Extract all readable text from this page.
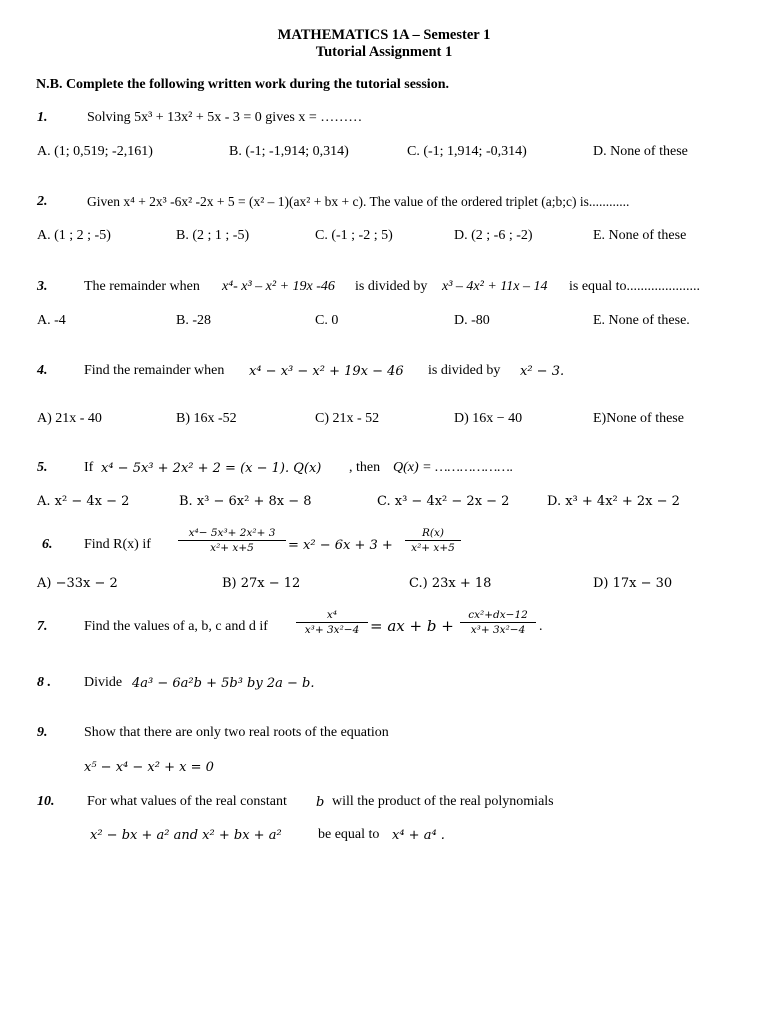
MATHEMATICS 1A – Semester 1
Tutorial Assignment 1
N.B. Complete the following written work during the tutorial session.
1.	Solving 5x³ + 13x² + 5x - 3 = 0 gives x = ………
A. (1; 0,519; -2,161)	B. (-1; -1,914; 0,314)	C. (-1; 1,914; -0,314)	D. None of these
2.	Given x⁴ + 2x³ -6x² -2x + 5 = (x² – 1)(ax² + bx + c). The value of the ordered triplet (a;b;c) is............
A. (1 ; 2 ; -5)	B. (2 ; 1 ; -5)	C. (-1 ; -2 ; 5)	D. (2 ; -6 ; -2)	E. None of these
3.	The remainder when x⁴- x³ – x² + 19x -46 is divided by x³ – 4x² + 11x – 14 is equal to.....................
A. -4	B. -28	C. 0	D. -80	E. None of these.
4.	Find the remainder when x⁴ − x³ − x² + 19x − 46 is divided by x² − 3.
A) 21x - 40	B) 16x -52	C) 21x - 52	D) 16x − 40	E)None of these
5.	If x⁴ − 5x³ + 2x² + 2 = (x − 1). Q(x) , then Q(x) = ……………….
A. x² − 4x − 2	B. x³ − 6x² + 8x − 8	C. x³ − 4x² − 2x − 2	D. x³ + 4x² + 2x − 2
6. Find R(x) if
x⁴− 5x³+ 2x²+ 3
x²+ x+5	= x² − 6x + 3 +
R(x)
x²+ x+5
A) −33x − 2	B) 27x − 12	C.) 23x + 18	D) 17x − 30
7.	Find the values of a, b, c and d if
x⁴
x³+ 3x²−4 = ax + b +
cx²+dx−12
x³+ 3x²−4 .
8 . Divide 4a³ − 6a²b + 5b³ by 2a − b.
9.	Show that there are only two real roots of the equation
x⁵ − x⁴ − x² + x = 0
10. For what values of the real constant b will the product of the real polynomials
x² − bx + a² and x² + bx + a²	be equal to x⁴ + a⁴ .
